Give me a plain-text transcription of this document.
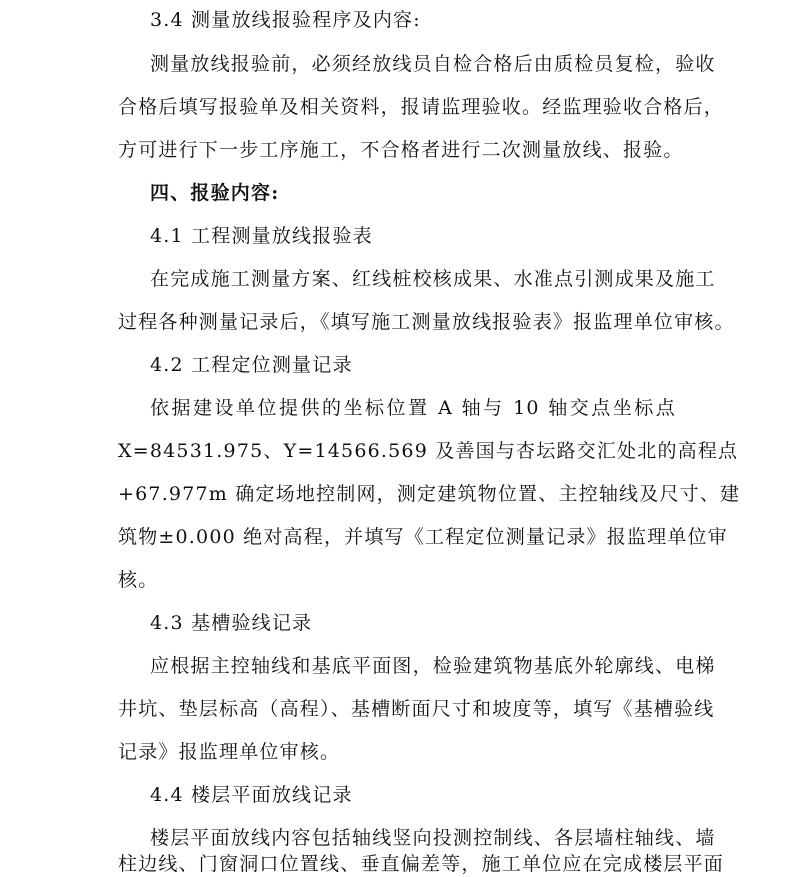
3.4 测量放线报验程序及内容:
测量放线报验前，必须经放线员自检合格后由质检员复检，验收
合格后填写报验单及相关资料，报请监理验收。经监理验收合格后，
方可进行下一步工序施工，不合格者进行二次测量放线、报验。
四、报验内容:
4.1 工程测量放线报验表
在完成施工测量方案、红线桩校核成果、水准点引测成果及施工
过程各种测量记录后，《填写施工测量放线报验表》报监理单位审核。
4.2 工程定位测量记录
依据建设单位提供的坐标位置 A 轴与 10 轴交点坐标点
X=84531.975、Y=14566.569 及善国与杏坛路交汇处北的高程点
+67.977m 确定场地控制网，测定建筑物位置、主控轴线及尺寸、建
筑物±0.000 绝对高程，并填写《工程定位测量记录》报监理单位审
核。
4.3 基槽验线记录
应根据主控轴线和基底平面图，检验建筑物基底外轮廓线、电梯
井坑、垫层标高（高程）、基槽断面尺寸和坡度等，填写《基槽验线
记录》报监理单位审核。
4.4 楼层平面放线记录
楼层平面放线内容包括轴线竖向投测控制线、各层墙柱轴线、墙
柱边线、门窗洞口位置线、垂直偏差等，施工单位应在完成楼层平面
